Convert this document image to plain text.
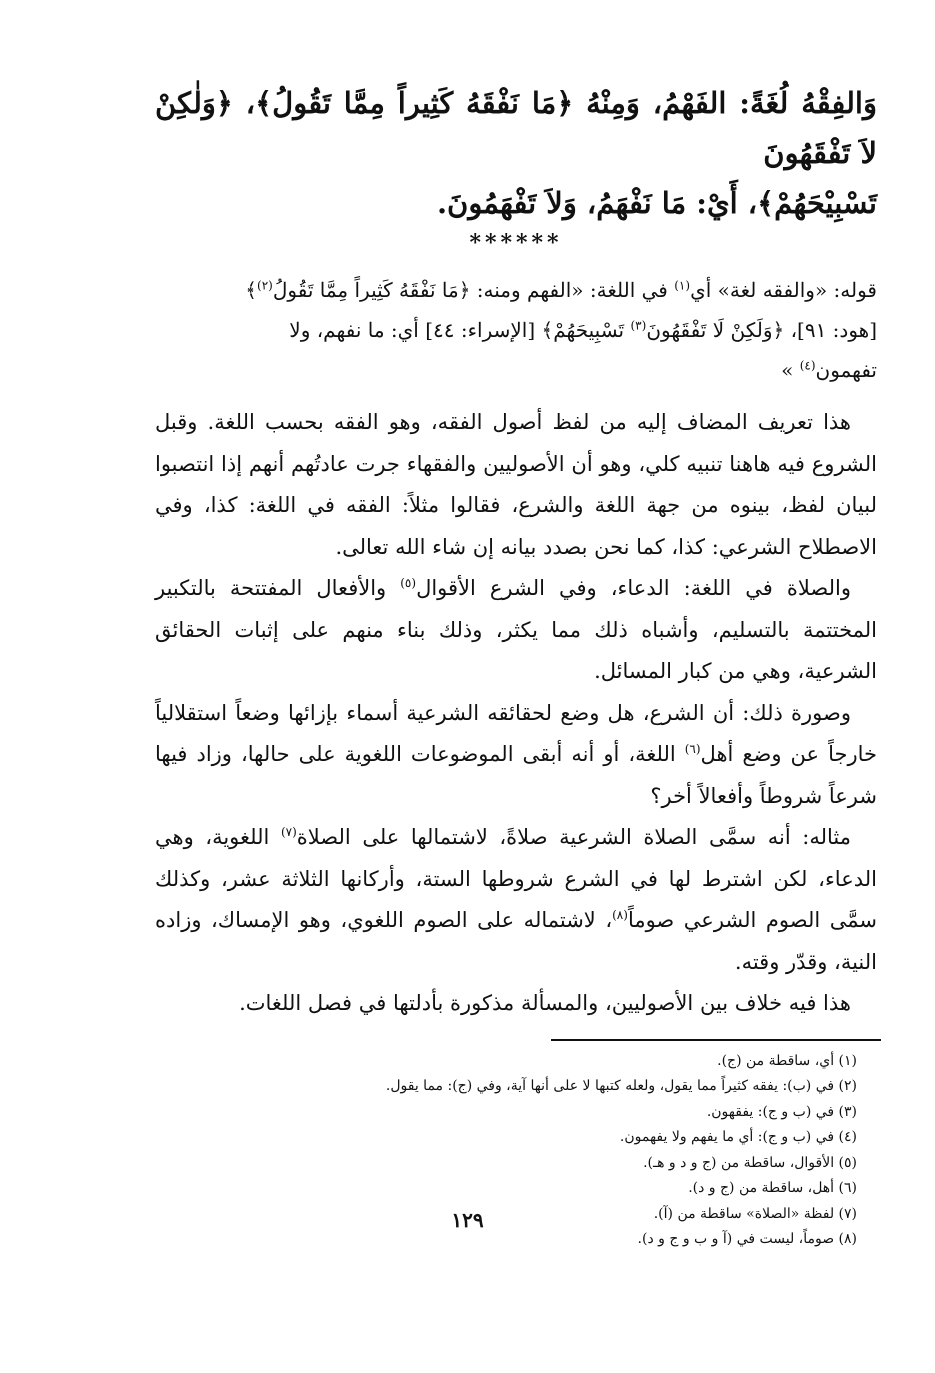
وَالفِقْهُ لُغَةً: الفَهْمُ، وَمِنْهُ ﴿مَا نَفْقَهُ كَثِيراً مِمَّا تَقُولُ﴾، ﴿وَلٰكِنْ لاَ تَفْقَهُونَ

تَسْبِيْحَهُمْ﴾، أَيْ: مَا نَفْهَمُ، وَلاَ تَفْهَمُونَ.

******

قوله: «والفقه لغة» أي$^{(١)}$ في اللغة: «الفهم ومنه: ﴿مَا نَفْقَهُ كَثِيراً مِمَّا تَقُولُ$^{(٢)}$﴾

[هود: ٩١]، ﴿وَلَكِنْ لَا تَفْقَهُونَ$^{(٣)}$ تَسْبِيحَهُمْ﴾ [الإسراء: ٤٤] أي: ما نفهم، ولا

تفهمون$^{(٤)}$ »

هذا تعريف المضاف إليه من لفظ أصول الفقه، وهو الفقه بحسب اللغة. وقبل الشروع فيه هاهنا تنبيه كلي، وهو أن الأصوليين والفقهاء جرت عادتُهم أنهم إذا انتصبوا لبيان لفظ، بينوه من جهة اللغة والشرع، فقالوا مثلاً: الفقه في اللغة: كذا، وفي الاصطلاح الشرعي: كذا، كما نحن بصدد بيانه إن شاء الله تعالى.

والصلاة في اللغة: الدعاء، وفي الشرع الأقوال$^{(٥)}$ والأفعال المفتتحة بالتكبير المختتمة بالتسليم، وأشباه ذلك مما يكثر، وذلك بناء منهم على إثبات الحقائق الشرعية، وهي من كبار المسائل.

وصورة ذلك: أن الشرع، هل وضع لحقائقه الشرعية أسماء بإزائها وضعاً استقلالياً خارجاً عن وضع أهل$^{(٦)}$ اللغة، أو أنه أبقى الموضوعات اللغوية على حالها، وزاد فيها شرعاً شروطاً وأفعالاً أخر؟

مثاله: أنه سمَّى الصلاة الشرعية صلاةً، لاشتمالها على الصلاة$^{(٧)}$ اللغوية، وهي الدعاء، لكن اشترط لها في الشرع شروطها الستة، وأركانها الثلاثة عشر، وكذلك سمَّى الصوم الشرعي صوماً$^{(٨)}$، لاشتماله على الصوم اللغوي، وهو الإمساك، وزاده النية، وقدّر وقته.

هذا فيه خلاف بين الأصوليين، والمسألة مذكورة بأدلتها في فصل اللغات.

(١) أي، ساقطة من (ج).
(٢) في (ب): يفقه كثيراً مما يقول، ولعله كتبها لا على أنها آية، وفي (ج): مما يقول.
(٣) في (ب و ج): يفقهون.
(٤) في (ب و ج): أي ما يفهم ولا يفهمون.
(٥) الأقوال، ساقطة من (ج و د و هـ).
(٦) أهل، ساقطة من (ج و د).
(٧) لفظة «الصلاة» ساقطة من (آ).
(٨) صوماً، ليست في (آ و ب و ج و د).
١٢٩
